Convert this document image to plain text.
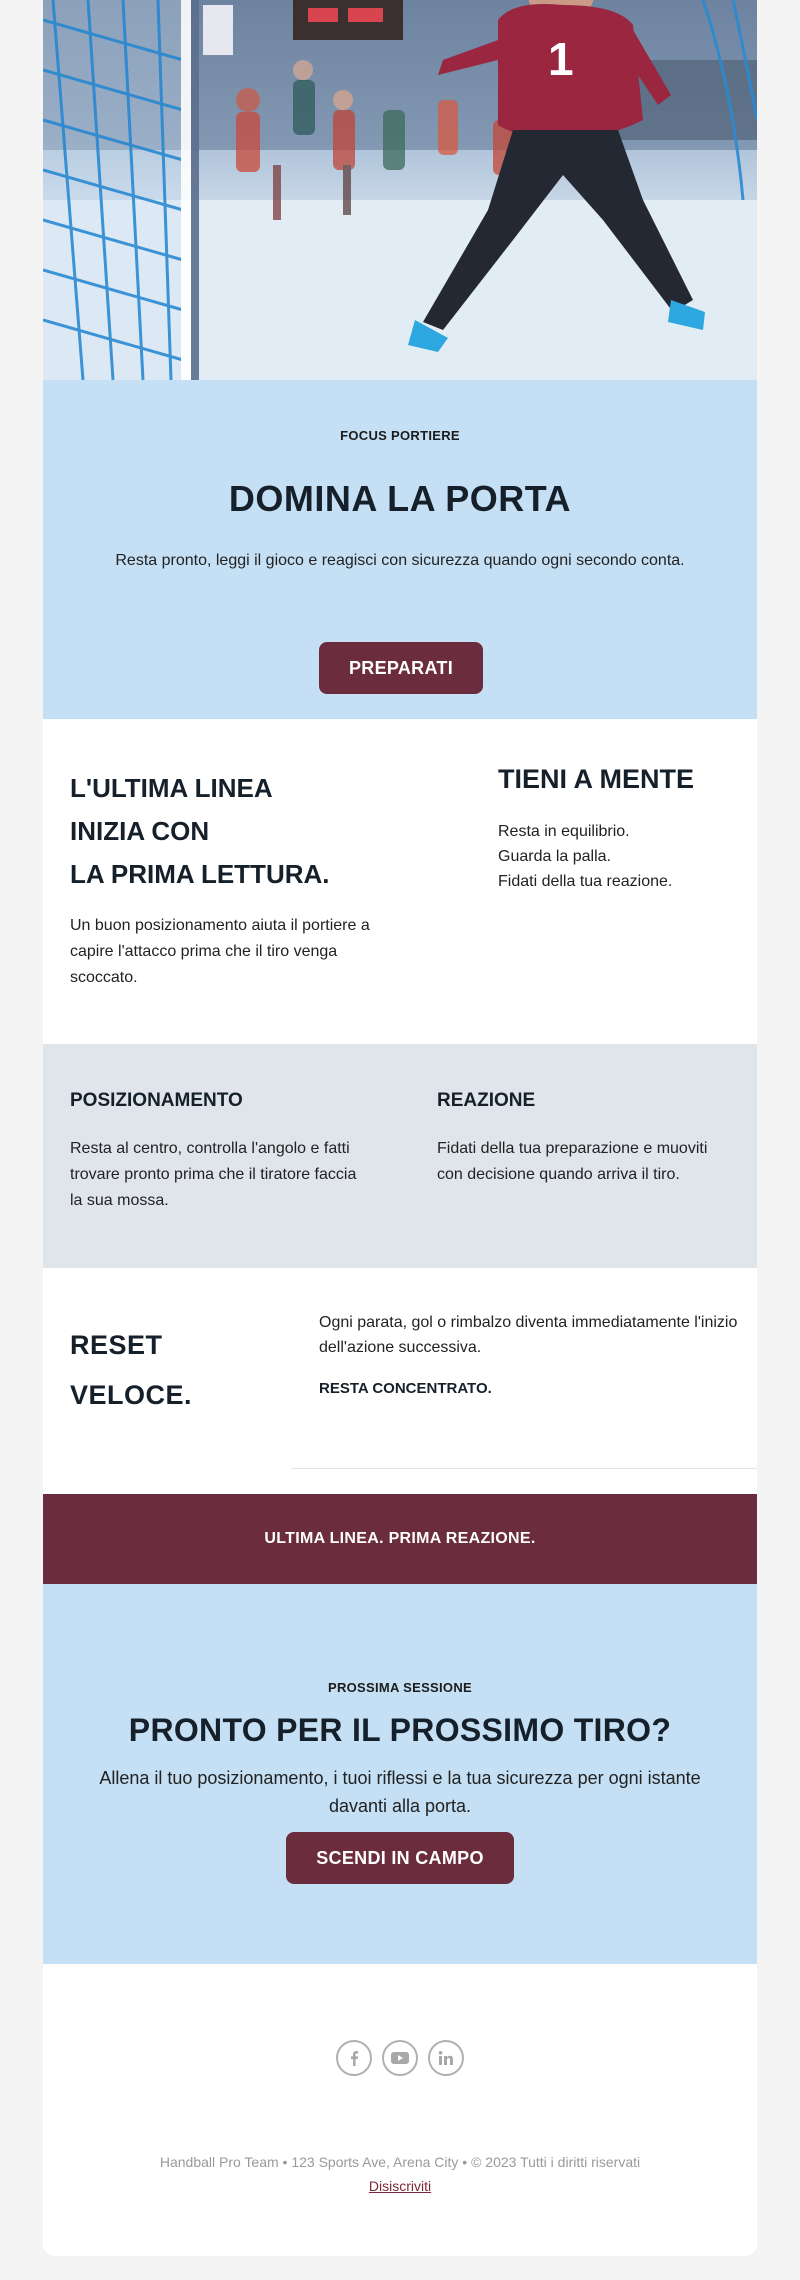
1
FOCUS PORTIERE
DOMINA LA PORTA
Resta pronto, leggi il gioco e reagisci con sicurezza quando ogni secondo conta.
PREPARATI
L'ULTIMA LINEA
INIZIA CON
LA PRIMA LETTURA.
Un buon posizionamento aiuta il portiere a capire l'attacco prima che il tiro venga scoccato.
TIENI A MENTE
Resta in equilibrio.
Guarda la palla.
Fidati della tua reazione.
POSIZIONAMENTO
Resta al centro, controlla l'angolo e fatti trovare pronto prima che il tiratore faccia la sua mossa.
REAZIONE
Fidati della tua preparazione e muoviti con decisione quando arriva il tiro.
RESET
VELOCE.
Ogni parata, gol o rimbalzo diventa immediatamente l'inizio dell'azione successiva.
RESTA CONCENTRATO.
ULTIMA LINEA. PRIMA REAZIONE.
PROSSIMA SESSIONE
PRONTO PER IL PROSSIMO TIRO?
Allena il tuo posizionamento, i tuoi riflessi e la tua sicurezza per ogni istante davanti alla porta.
SCENDI IN CAMPO
Handball Pro Team • 123 Sports Ave, Arena City • © 2023 Tutti i diritti riservati
Disiscriviti
